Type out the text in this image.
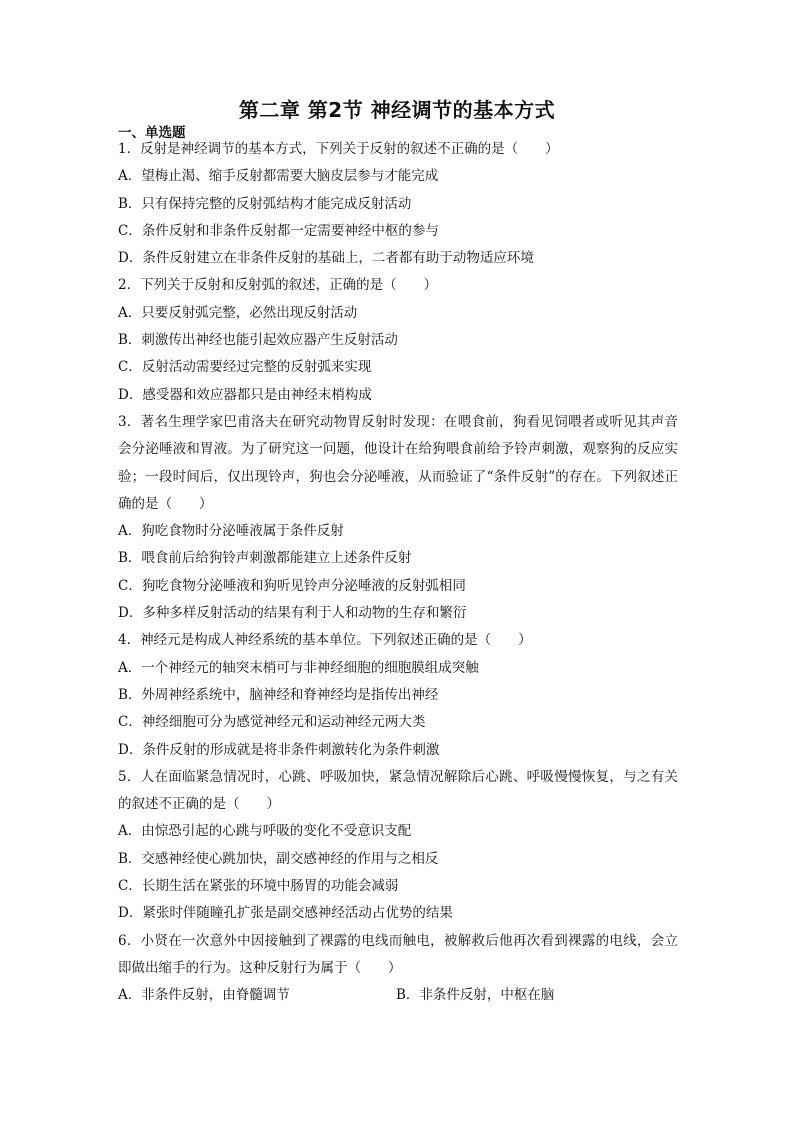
第二章 第2节 神经调节的基本方式
一、单选题
1．反射是神经调节的基本方式，下列关于反射的叙述不正确的是（　　）
A．望梅止渴、缩手反射都需要大脑皮层参与才能完成
B．只有保持完整的反射弧结构才能完成反射活动
C．条件反射和非条件反射都一定需要神经中枢的参与
D．条件反射建立在非条件反射的基础上，二者都有助于动物适应环境
2．下列关于反射和反射弧的叙述，正确的是（　　）
A．只要反射弧完整，必然出现反射活动
B．刺激传出神经也能引起效应器产生反射活动
C．反射活动需要经过完整的反射弧来实现
D．感受器和效应器都只是由神经末梢构成
3．著名生理学家巴甫洛夫在研究动物胃反射时发现：在喂食前，狗看见饲喂者或听见其声音会分泌唾液和胃液。为了研究这一问题，他设计在给狗喂食前给予铃声刺激，观察狗的反应实验；一段时间后，仅出现铃声，狗也会分泌唾液，从而验证了“条件反射”的存在。下列叙述正确的是（　　）
A．狗吃食物时分泌唾液属于条件反射
B．喂食前后给狗铃声刺激都能建立上述条件反射
C．狗吃食物分泌唾液和狗听见铃声分泌唾液的反射弧相同
D．多种多样反射活动的结果有利于人和动物的生存和繁衍
4．神经元是构成人神经系统的基本单位。下列叙述正确的是（　　）
A．一个神经元的轴突末梢可与非神经细胞的细胞膜组成突触
B．外周神经系统中，脑神经和脊神经均是指传出神经
C．神经细胞可分为感觉神经元和运动神经元两大类
D．条件反射的形成就是将非条件刺激转化为条件刺激
5．人在面临紧急情况时，心跳、呼吸加快，紧急情况解除后心跳、呼吸慢慢恢复，与之有关的叙述不正确的是（　　）
A．由惊恐引起的心跳与呼吸的变化不受意识支配
B．交感神经使心跳加快，副交感神经的作用与之相反
C．长期生活在紧张的环境中肠胃的功能会减弱
D．紧张时伴随瞳孔扩张是副交感神经活动占优势的结果
6．小贤在一次意外中因接触到了裸露的电线而触电，被解救后他再次看到裸露的电线，会立即做出缩手的行为。这种反射行为属于（　　）
A．非条件反射，由脊髓调节	B．非条件反射，中枢在脑
